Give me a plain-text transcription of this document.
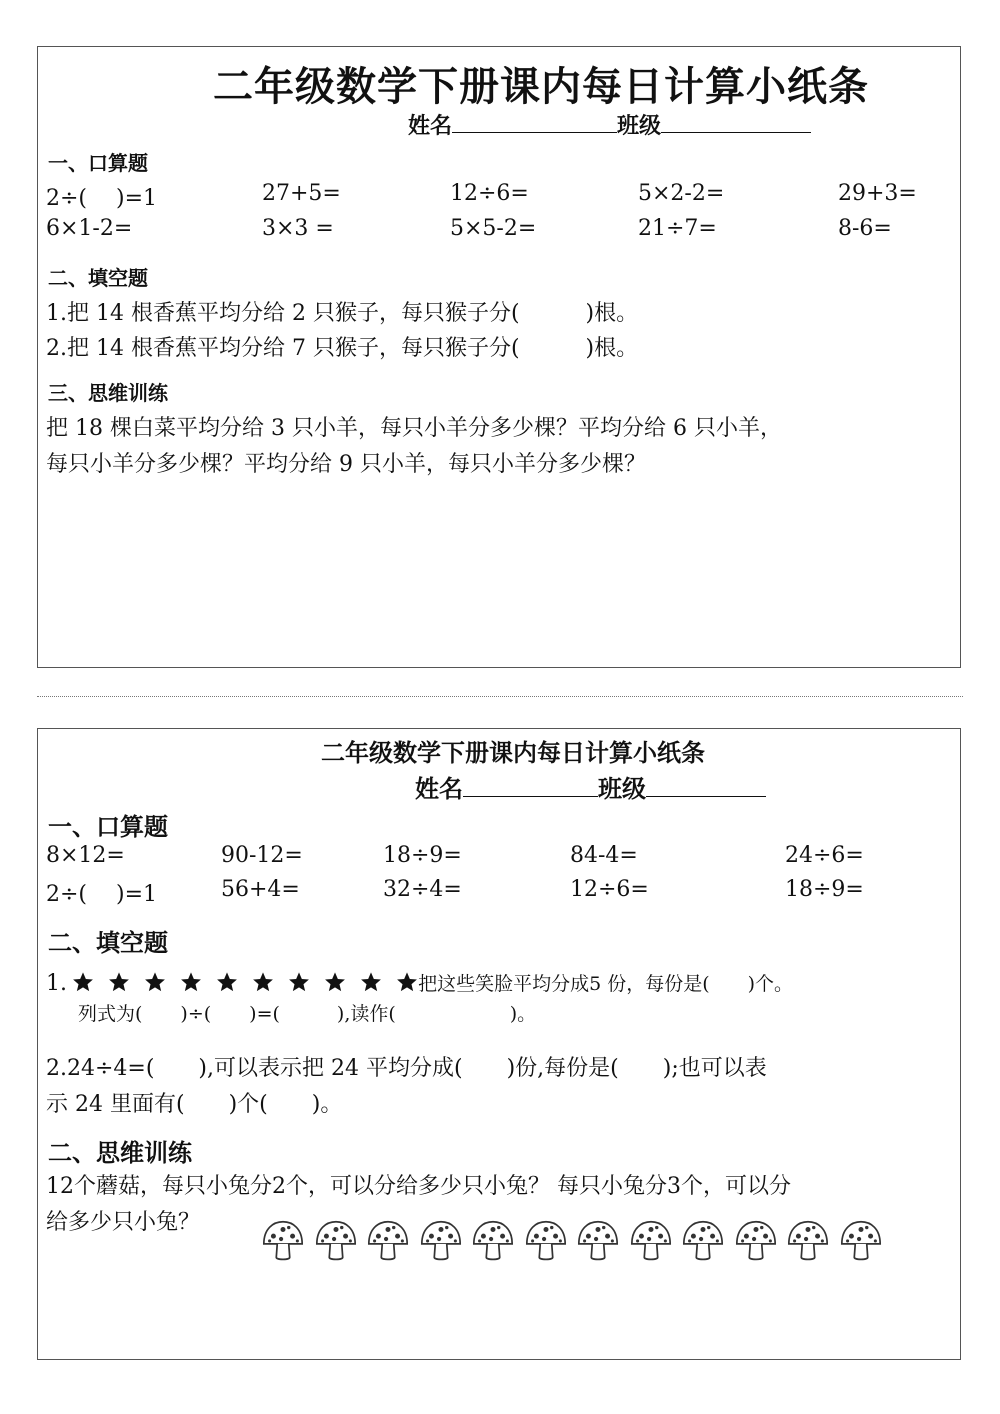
二年级数学下册课内每日计算小纸条
姓名	班级
一、口算题
2÷(　 )=1	27+5=	12÷6=	5×2-2=	29+3=
6×1-2=	3×3 =	5×5-2=	21÷7=	8-6=
二、填空题
1.把 14 根香蕉平均分给 2 只猴子，每只猴子分(　　　)根。
2.把 14 根香蕉平均分给 7 只猴子，每只猴子分(　　　)根。
三、思维训练
把 18 棵白菜平均分给 3 只小羊，每只小羊分多少棵？平均分给 6 只小羊，
每只小羊分多少棵？平均分给 9 只小羊，每只小羊分多少棵？
二年级数学下册课内每日计算小纸条
姓名	班级
一、口算题
8×12=	90-12=	18÷9=	84-4=	24÷6=
2÷(　 )=1	56+4=	32÷4=	12÷6=	18÷9=
二、填空题
1.	把这些笑脸平均分成5 份，每份是(　　)个。
列式为(　　)÷(　　)=(　　　),读作(　　　　　　)。
2.24÷4=(　　),可以表示把 24 平均分成(　　)份,每份是(　　);也可以表
示 24 里面有(　　)个(　　)。
二、思维训练
12个蘑菇，每只小兔分2个，可以分给多少只小兔？ 每只小兔分3个，可以分
给多少只小兔？
